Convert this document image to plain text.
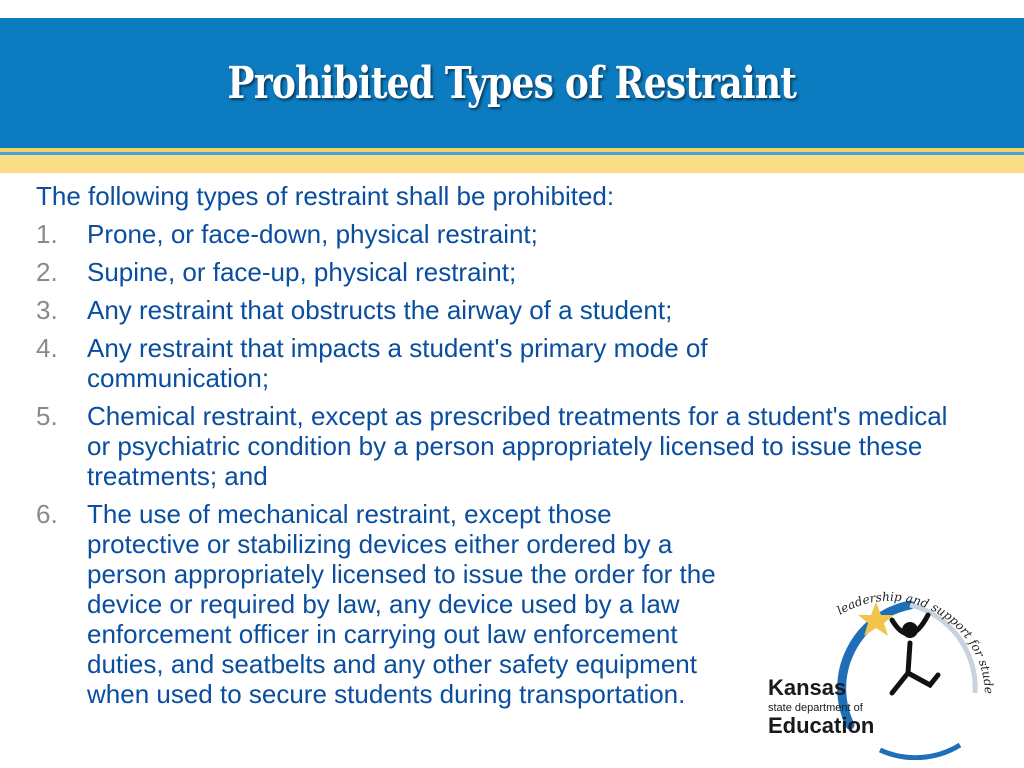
Prohibited Types of Restraint

The following types of restraint shall be prohibited:

1.	Prone, or face-down, physical restraint;
2.	Supine, or face-up, physical restraint;
3.	Any restraint that obstructs the airway of a student;
4.	Any restraint that impacts a student's primary mode of communication;
5.	Chemical restraint, except as prescribed treatments for a student's medical or psychiatric condition by a person appropriately licensed to issue these treatments; and
6.	The use of mechanical restraint, except those protective or stabilizing devices either ordered by a person appropriately licensed to issue the order for the device or required by law, any device used by a law enforcement officer in carrying out law enforcement duties, and seatbelts and any other safety equipment when used to secure students during transportation.
leadership and support for stude
Kansas
state department of
Education
